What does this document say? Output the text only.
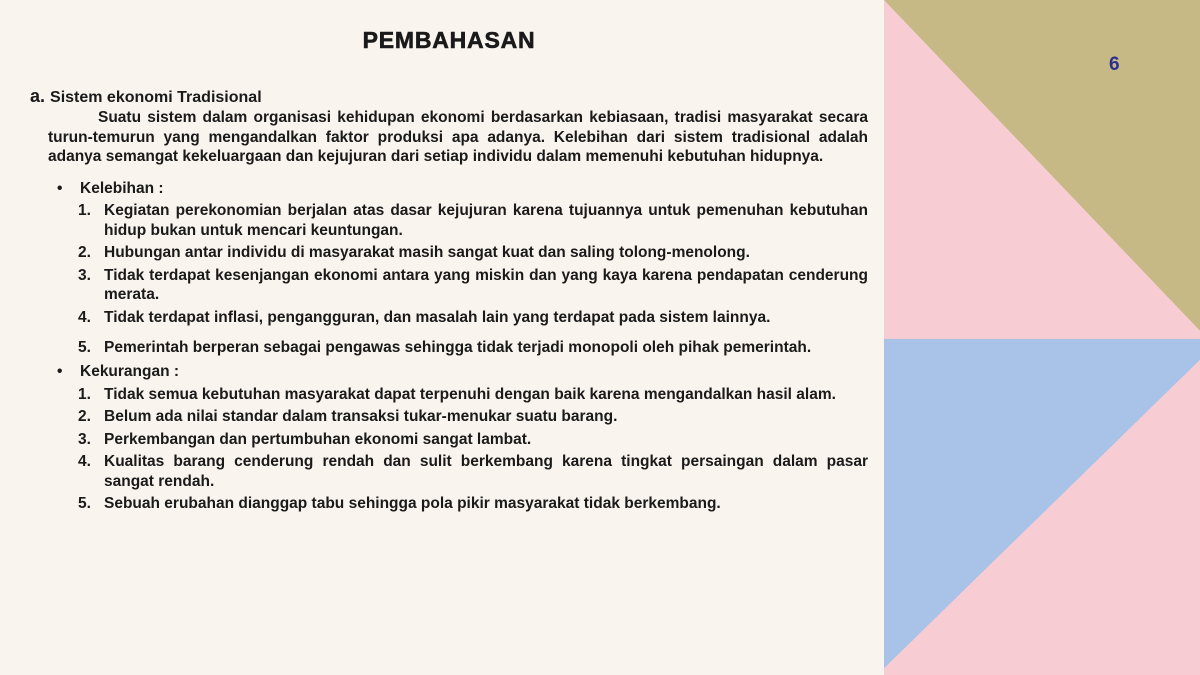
6
PEMBAHASAN
a. Sistem ekonomi Tradisional

Suatu sistem dalam organisasi kehidupan ekonomi berdasarkan kebiasaan, tradisi masyarakat secara turun-temurun yang mengandalkan faktor produksi apa adanya. Kelebihan dari sistem tradisional adalah adanya semangat kekeluargaan dan kejujuran dari setiap individu dalam memenuhi kebutuhan hidupnya.

•	Kelebihan :
1. Kegiatan perekonomian berjalan atas dasar kejujuran karena tujuannya untuk pemenuhan kebutuhan hidup bukan untuk mencari keuntungan.
2. Hubungan antar individu di masyarakat masih sangat kuat dan saling tolong-menolong.
3. Tidak terdapat kesenjangan ekonomi antara yang miskin dan yang kaya karena pendapatan cenderung merata.
4. Tidak terdapat inflasi, pengangguran, dan masalah lain yang terdapat pada sistem lainnya.
5. Pemerintah berperan sebagai pengawas sehingga tidak terjadi monopoli oleh pihak pemerintah.
•	Kekurangan :
1. Tidak semua kebutuhan masyarakat dapat terpenuhi dengan baik karena mengandalkan hasil alam.
2. Belum ada nilai standar dalam transaksi tukar-menukar suatu barang.
3. Perkembangan dan pertumbuhan ekonomi sangat lambat.
4. Kualitas barang cenderung rendah dan sulit berkembang karena tingkat persaingan dalam pasar sangat rendah.
5. Sebuah erubahan dianggap tabu sehingga pola pikir masyarakat tidak berkembang.
